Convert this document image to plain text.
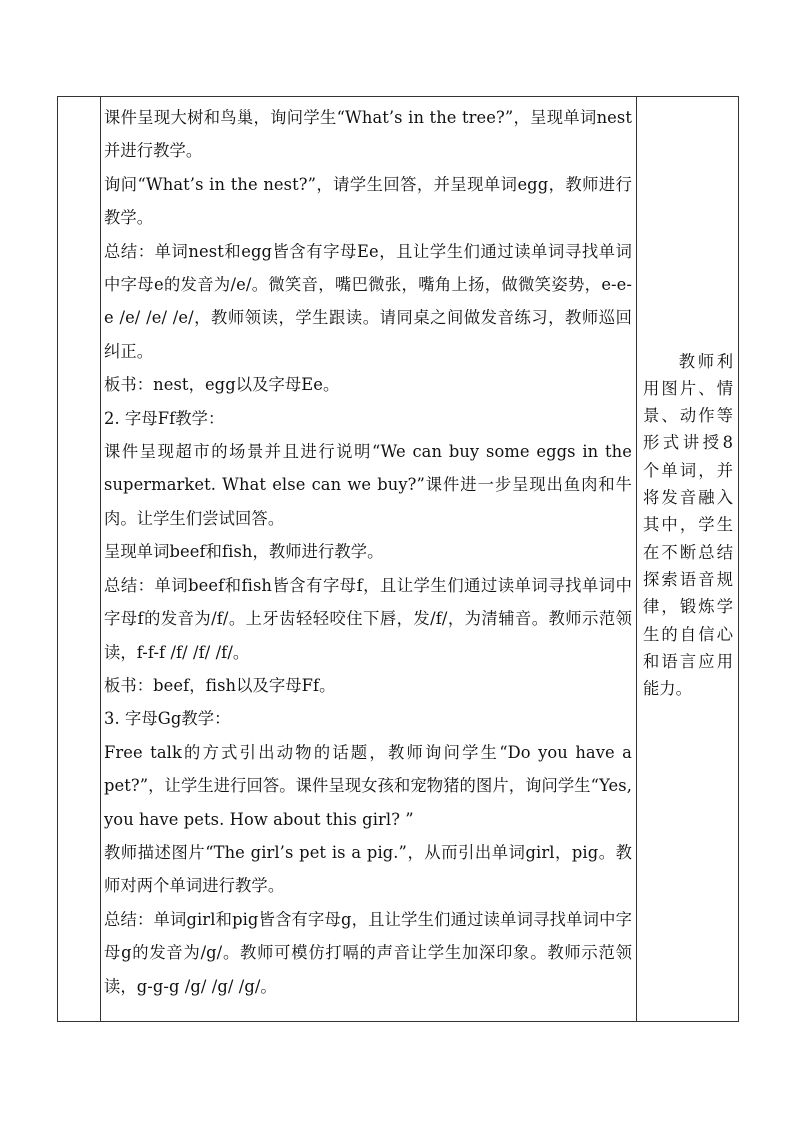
课件呈现大树和鸟巢，询问学生“What’s in the tree?”，呈现单词nest并进行教学。

询问“What’s in the nest?”，请学生回答，并呈现单词egg，教师进行教学。

总结：单词nest和egg皆含有字母Ee，且让学生们通过读单词寻找单词中字母e的发音为/e/。微笑音，嘴巴微张，嘴角上扬，做微笑姿势，e-e-e /e/ /e/ /e/，教师领读，学生跟读。请同桌之间做发音练习，教师巡回纠正。

板书：nest，egg以及字母Ee。

2. 字母Ff教学：

课件呈现超市的场景并且进行说明“We can buy some eggs in the supermarket. What else can we buy?”课件进一步呈现出鱼肉和牛肉。让学生们尝试回答。

呈现单词beef和fish，教师进行教学。

总结：单词beef和fish皆含有字母f，且让学生们通过读单词寻找单词中字母f的发音为/f/。上牙齿轻轻咬住下唇，发/f/，为清辅音。教师示范领读，f-f-f /f/ /f/ /f/。

板书：beef，fish以及字母Ff。

3. 字母Gg教学：

Free talk的方式引出动物的话题，教师询问学生“Do you have a pet?”，让学生进行回答。课件呈现女孩和宠物猪的图片，询问学生“Yes, you have pets. How about this girl? ”

教师描述图片“The girl’s pet is a pig.”，从而引出单词girl，pig。教师对两个单词进行教学。

总结：单词girl和pig皆含有字母g，且让学生们通过读单词寻找单词中字母g的发音为/g/。教师可模仿打嗝的声音让学生加深印象。教师示范领读，g-g-g /g/ /g/ /g/。

教师利用图片、情景、动作等形式讲授8个单词，并将发音融入其中，学生在不断总结探索语音规律，锻炼学生的自信心和语言应用能力。
